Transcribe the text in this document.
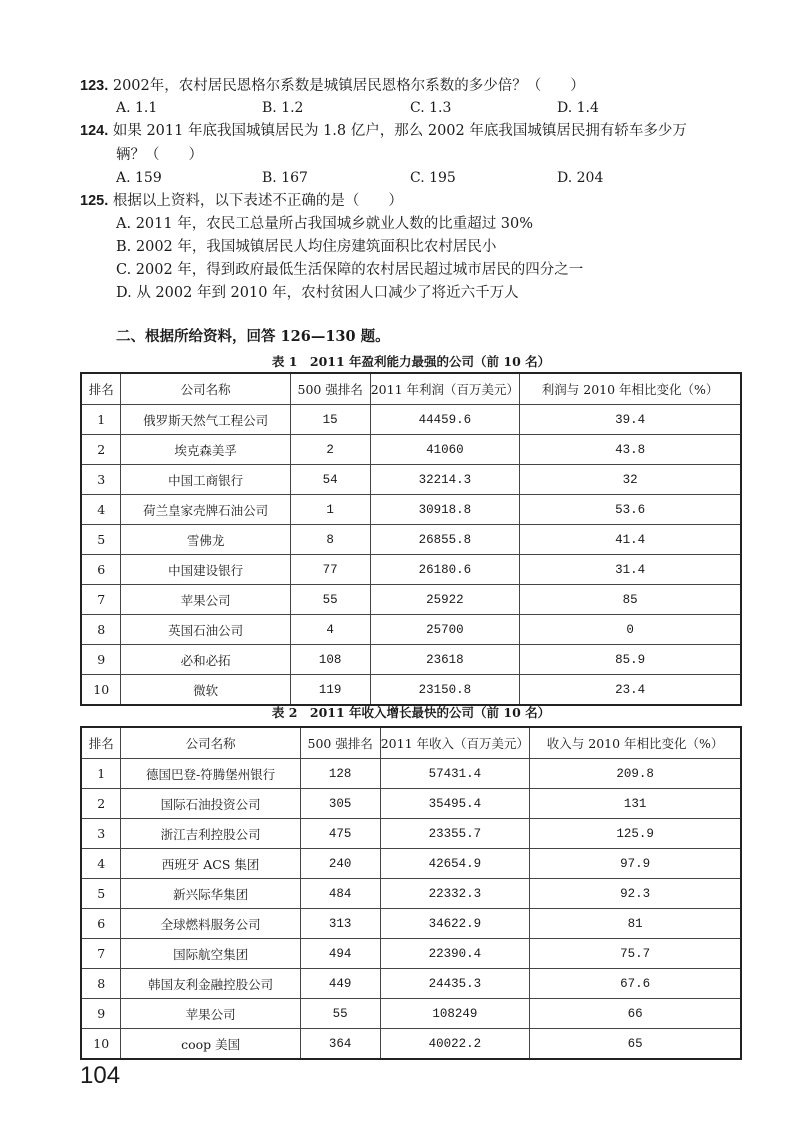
123. 2002年，农村居民恩格尔系数是城镇居民恩格尔系数的多少倍？（　　）
A. 1.1	B. 1.2	C. 1.3	D. 1.4
124. 如果 2011 年底我国城镇居民为 1.8 亿户，那么 2002 年底我国城镇居民拥有轿车多少万
辆？（　　）
A. 159	B. 167	C. 195	D. 204
125. 根据以上资料，以下表述不正确的是（　　）
A. 2011 年，农民工总量所占我国城乡就业人数的比重超过 30%
B. 2002 年，我国城镇居民人均住房建筑面积比农村居民小
C. 2002 年，得到政府最低生活保障的农村居民超过城市居民的四分之一
D. 从 2002 年到 2010 年，农村贫困人口减少了将近六千万人
二、根据所给资料，回答 126—130 题。
表 1　2011 年盈利能力最强的公司（前 10 名）
排名	公司名称	500 强排名	2011 年利润（百万美元）	利润与 2010 年相比变化（%）
1	俄罗斯天然气工程公司	15	44459.6	39.4
2	埃克森美孚	2	41060	43.8
3	中国工商银行	54	32214.3	32
4	荷兰皇家壳牌石油公司	1	30918.8	53.6
5	雪佛龙	8	26855.8	41.4
6	中国建设银行	77	26180.6	31.4
7	苹果公司	55	25922	85
8	英国石油公司	4	25700	0
9	必和必拓	108	23618	85.9
10	微软	119	23150.8	23.4
表 2　2011 年收入增长最快的公司（前 10 名）
排名	公司名称	500 强排名	2011 年收入（百万美元）	收入与 2010 年相比变化（%）
1	德国巴登-符腾堡州银行	128	57431.4	209.8
2	国际石油投资公司	305	35495.4	131
3	浙江吉利控股公司	475	23355.7	125.9
4	西班牙 ACS 集团	240	42654.9	97.9
5	新兴际华集团	484	22332.3	92.3
6	全球燃料服务公司	313	34622.9	81
7	国际航空集团	494	22390.4	75.7
8	韩国友利金融控股公司	449	24435.3	67.6
9	苹果公司	55	108249	66
10	coop 美国	364	40022.2	65
104
